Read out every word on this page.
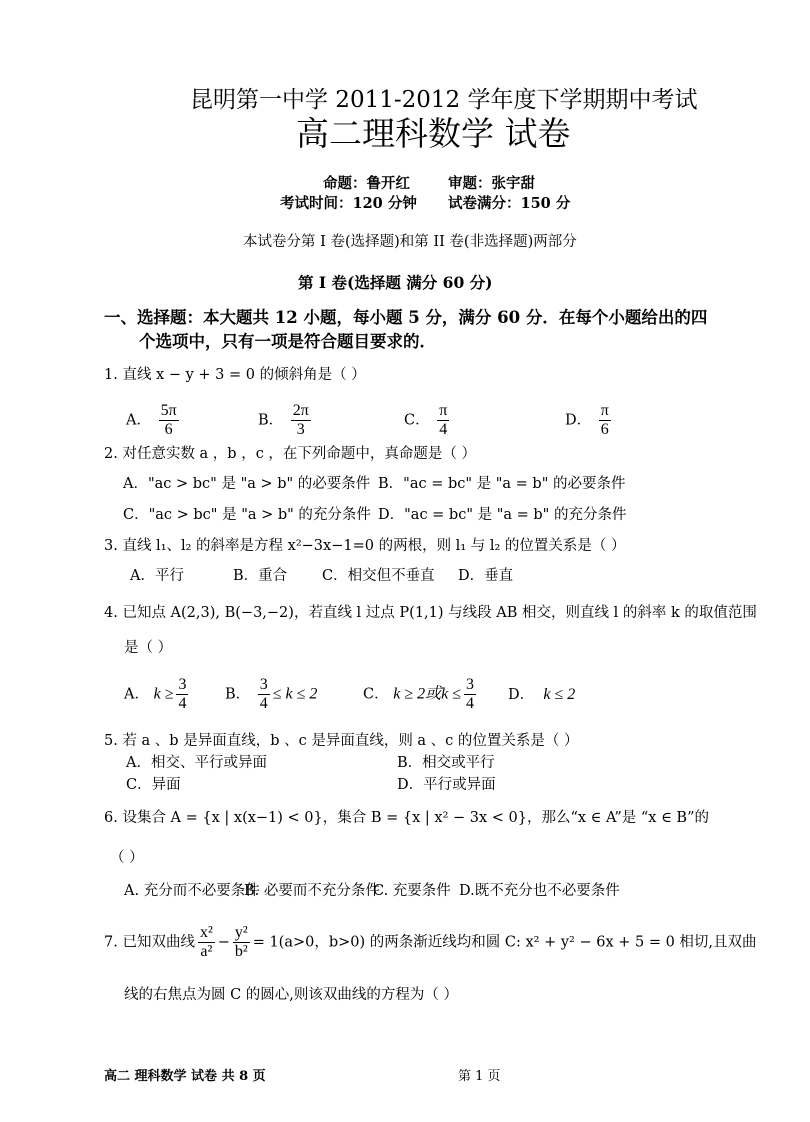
昆明第一中学 2011-2012 学年度下学期期中考试
高二理科数学 试卷
命题：鲁开红	审题：张宇甜
考试时间：120 分钟 试卷满分：150 分
本试卷分第 I 卷(选择题)和第 II 卷(非选择题)两部分
第 I 卷(选择题 满分 60 分)
一、选择题：本大题共 12 小题，每小题 5 分，满分 60 分．在每个小题给出的四
个选项中，只有一项是符合题目要求的．
1. 直线 x − y + 3 = 0 的倾斜角是（ ）
A． $\frac{5\pi}{6}$	B． $\frac{2\pi}{3}$	C． $\frac{\pi}{4}$	D． $\frac{\pi}{6}$
2. 对任意实数 a ，b ，c ，在下列命题中，真命题是（ ）
A．"ac > bc" 是 "a > b" 的必要条件 B．"ac = bc" 是 "a = b" 的必要条件
C．"ac > bc" 是 "a > b" 的充分条件 D．"ac = bc" 是 "a = b" 的充分条件
3. 直线 l₁、l₂ 的斜率是方程 x²−3x−1=0 的两根，则 l₁ 与 l₂ 的位置关系是（ ）
A．平行	B．重合 C．相交但不垂直 D．垂直
4. 已知点 A(2,3), B(−3,−2)，若直线 l 过点 P(1,1) 与线段 AB 相交，则直线 l 的斜率 k 的取值范围
是（ ）
A． $k \ge \frac{3}{4}$	B． $\frac{3}{4} \le k \le 2$	C． k ≥ 2或$k \le \frac{3}{4}$ D． k ≤ 2
5. 若 a 、b 是异面直线，b 、c 是异面直线，则 a 、c 的位置关系是（ ）
A．相交、平行或异面	B．相交或平行
C．异面	D．平行或异面
6. 设集合 A = {x | x(x−1) < 0}，集合 B = {x | x² − 3x < 0}，那么“x ∈ A”是 “x ∈ B”的
（ ）
A. 充分而不必要条件
B. 必要而不充分条件
C. 充要条件 D.既不充分也不必要条件
7. 已知双曲线 $\frac{\text{x²}}{\text{a²}} - \frac{\text{y²}}{\text{b²}} = 1(a>0$，b>0) 的两条渐近线均和圆 C: x² + y² − 6x + 5 = 0 相切,且双曲
线的右焦点为圆 C 的圆心,则该双曲线的方程为（ ）
高二 理科数学 试卷 共 8 页	第 1 页
